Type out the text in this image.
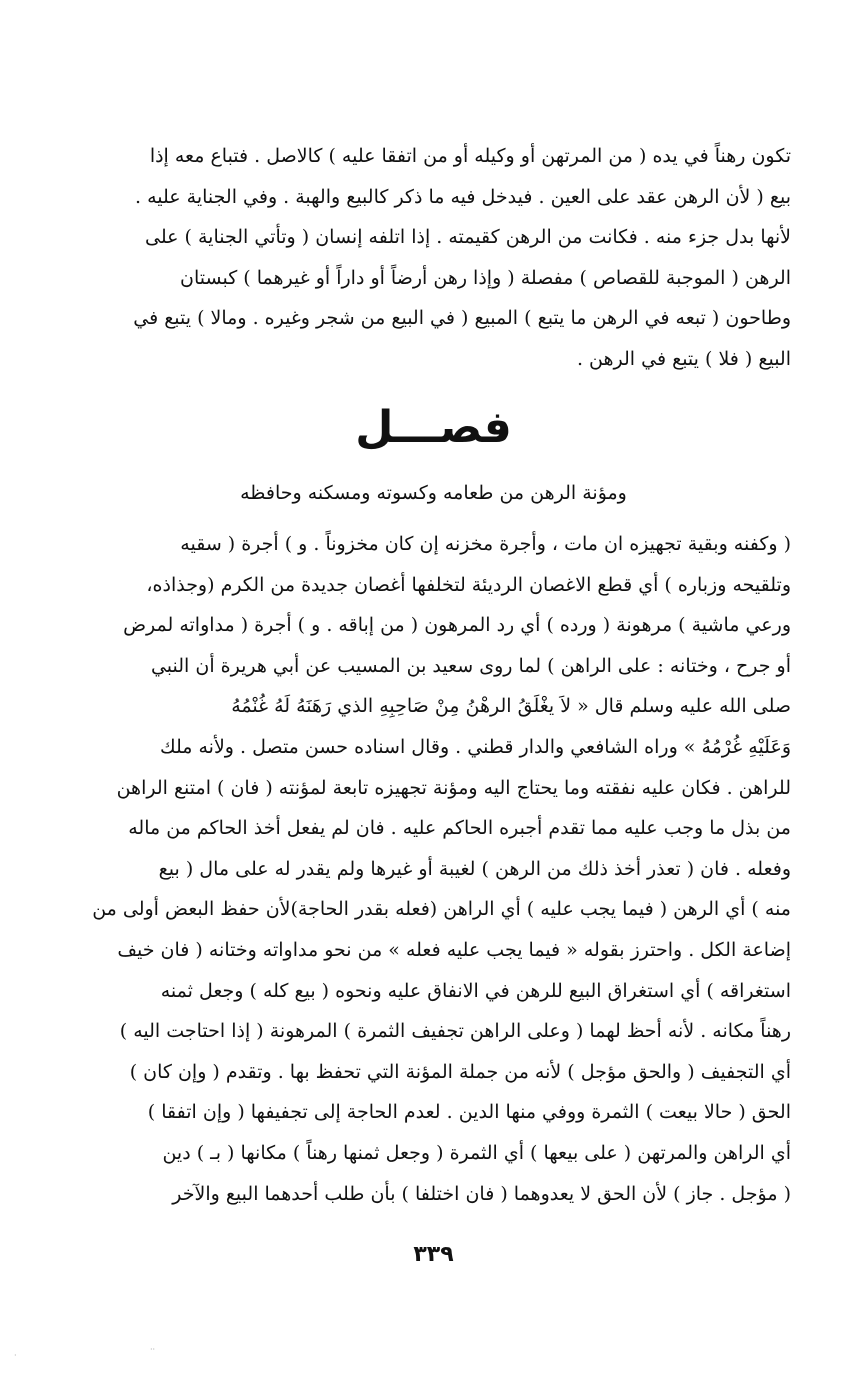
تكون رهناً في يده ( من المرتهن أو وكيله أو من اتفقا عليه ) كالاصل . فتباع معه إذا
بيع ( لأن الرهن عقد على العين . فيدخل فيه ما ذكر كالبيع والهبة . وفي الجناية عليه .
لأنها بدل جزء منه . فكانت من الرهن كقيمته . إذا اتلفه إنسان ( وتأتي الجناية ) على
الرهن ( الموجبة للقصاص ) مفصلة ( وإذا رهن أرضاً أو داراً أو غيرهما ) كبستان
وطاحون ( تبعه في الرهن ما يتبع ) المبيع ( في البيع من شجر وغيره . ومالا ) يتبع في
البيع ( فلا ) يتبع في الرهن .
فصـــل
ومؤنة الرهن من طعامه وكسوته ومسكنه وحافظه
( وكفنه وبقية تجهيزه ان مات ، وأجرة مخزنه إن كان مخزوناً . و ) أجرة ( سقيه
وتلقيحه وزباره ) أي قطع الاغصان الرديئة لتخلفها أغصان جديدة من الكرم (وجذاذه،
ورعي ماشية ) مرهونة ( ورده ) أي رد المرهون ( من إباقه . و ) أجرة ( مداواته لمرض
أو جرح ، وختانه : على الراهن ) لما روى سعيد بن المسيب عن أبي هريرة أن النبي
صلى الله عليه وسلم قال « لاَ يغْلَقُ الرهْنُ مِنْ صَاحِبِهِ الذي رَهَنَهُ لَهُ غُنْمُهُ
وَعَلَيْهِ غُرْمُهُ » وراه الشافعي والدار قطني . وقال اسناده حسن متصل . ولأنه ملك
للراهن . فكان عليه نفقته وما يحتاج اليه ومؤنة تجهيزه تابعة لمؤنته ( فان ) امتنع الراهن
من بذل ما وجب عليه مما تقدم أجبره الحاكم عليه . فان لم يفعل أخذ الحاكم من ماله
وفعله . فان ( تعذر أخذ ذلك من الرهن ) لغيبة أو غيرها ولم يقدر له على مال ( بيع
منه ) أي الرهن ( فيما يجب عليه ) أي الراهن (فعله بقدر الحاجة)لأن حفظ البعض أولى من
إضاعة الكل . واحترز بقوله « فيما يجب عليه فعله » من نحو مداواته وختانه ( فان خيف
استغراقه ) أي استغراق البيع للرهن في الانفاق عليه ونحوه ( بيع كله ) وجعل ثمنه
رهناً مكانه . لأنه أحظ لهما ( وعلى الراهن تجفيف الثمرة ) المرهونة ( إذا احتاجت اليه )
أي التجفيف ( والحق مؤجل ) لأنه من جملة المؤنة التي تحفظ بها . وتقدم ( وإن كان )
الحق ( حالا بيعت ) الثمرة ووفي منها الدين . لعدم الحاجة إلى تجفيفها ( وإن اتفقا )
أي الراهن والمرتهن ( على بيعها ) أي الثمرة ( وجعل ثمنها رهناً ) مكانها ( بـ ) دين
( مؤجل . جاز ) لأن الحق لا يعدوهما ( فان اختلفا ) بأن طلب أحدهما البيع والآخر
٣٣٩
··
·
